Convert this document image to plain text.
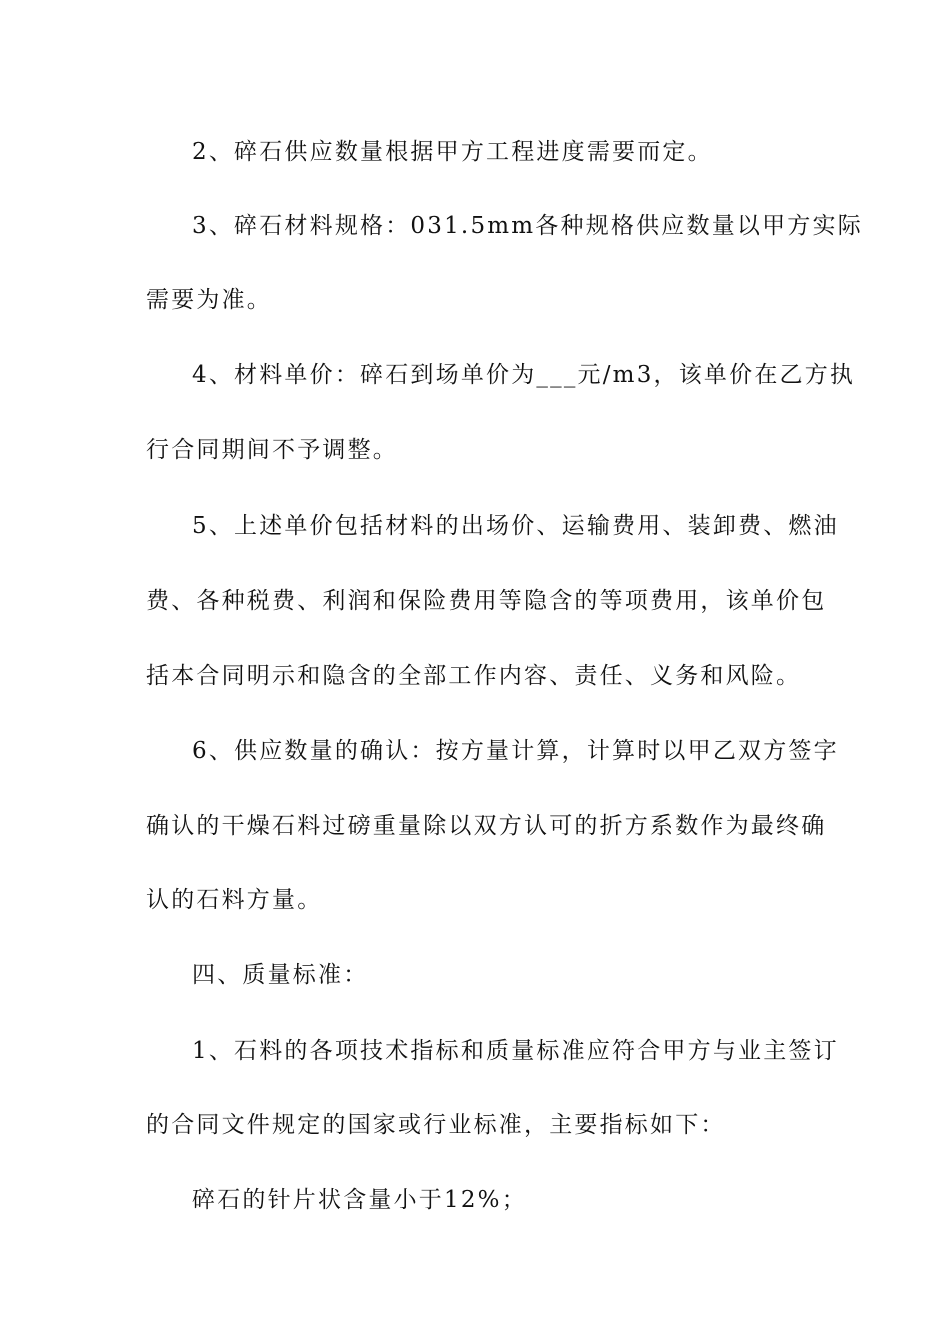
2、碎石供应数量根据甲方工程进度需要而定。
3、碎石材料规格：031.5mm各种规格供应数量以甲方实际
需要为准。
4、材料单价：碎石到场单价为___元/m3，该单价在乙方执
行合同期间不予调整。
5、上述单价包括材料的出场价、运输费用、装卸费、燃油
费、各种税费、利润和保险费用等隐含的等项费用，该单价包
括本合同明示和隐含的全部工作内容、责任、义务和风险。
6、供应数量的确认：按方量计算，计算时以甲乙双方签字
确认的干燥石料过磅重量除以双方认可的折方系数作为最终确
认的石料方量。
四、质量标准：
1、石料的各项技术指标和质量标准应符合甲方与业主签订
的合同文件规定的国家或行业标准，主要指标如下：
碎石的针片状含量小于12%；
